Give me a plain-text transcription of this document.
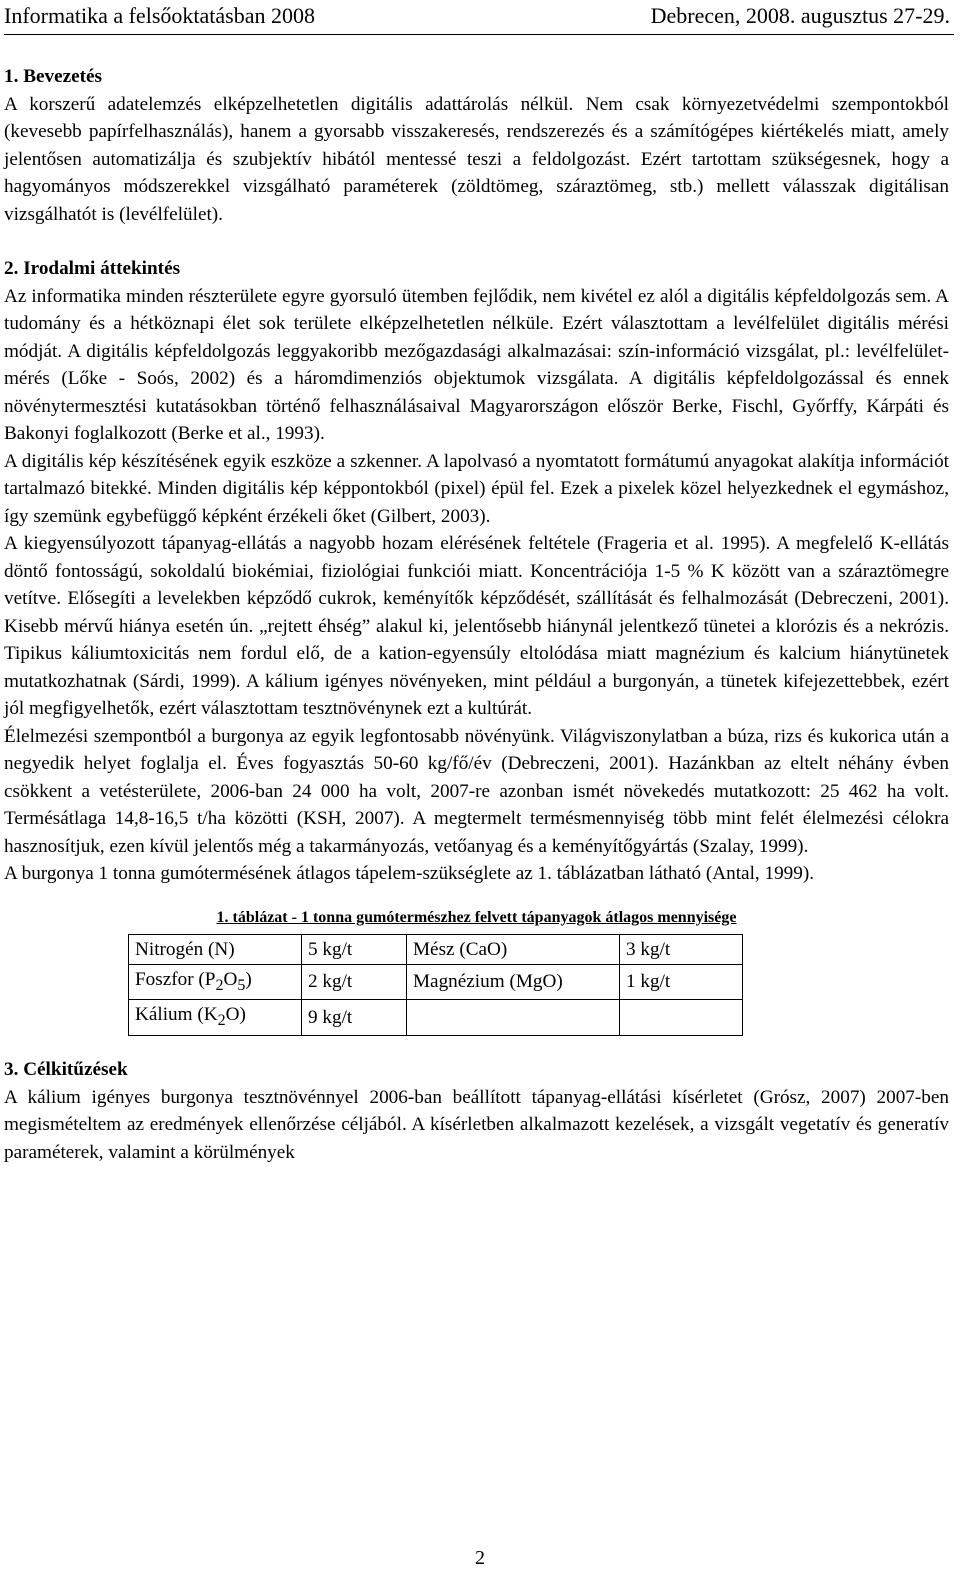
Informatika a felsőoktatásban 2008	Debrecen, 2008. augusztus 27-29.
1. Bevezetés

A korszerű adatelemzés elképzelhetetlen digitális adattárolás nélkül. Nem csak környezetvédelmi szempontokból (kevesebb papírfelhasználás), hanem a gyorsabb visszakeresés, rendszerezés és a számítógépes kiértékelés miatt, amely jelentősen automatizálja és szubjektív hibától mentessé teszi a feldolgozást. Ezért tartottam szükségesnek, hogy a hagyományos módszerekkel vizsgálható paraméterek (zöldtömeg, száraztömeg, stb.) mellett válasszak digitálisan vizsgálhatót is (levélfelület).

2. Irodalmi áttekintés

Az informatika minden részterülete egyre gyorsuló ütemben fejlődik, nem kivétel ez alól a digitális képfeldolgozás sem. A tudomány és a hétköznapi élet sok területe elképzelhetetlen nélküle. Ezért választottam a levélfelület digitális mérési módját. A digitális képfeldolgozás leggyakoribb mezőgazdasági alkalmazásai: szín-információ vizsgálat, pl.: levélfelület-mérés (Lőke - Soós, 2002) és a háromdimenziós objektumok vizsgálata. A digitális képfeldolgozással és ennek növénytermesztési kutatásokban történő felhasználásaival Magyarországon először Berke, Fischl, Győrffy, Kárpáti és Bakonyi foglalkozott (Berke et al., 1993).

A digitális kép készítésének egyik eszköze a szkenner. A lapolvasó a nyomtatott formátumú anyagokat alakítja információt tartalmazó bitekké. Minden digitális kép képpontokból (pixel) épül fel. Ezek a pixelek közel helyezkednek el egymáshoz, így szemünk egybefüggő képként érzékeli őket (Gilbert, 2003).

A kiegyensúlyozott tápanyag-ellátás a nagyobb hozam elérésének feltétele (Frageria et al. 1995). A megfelelő K-ellátás döntő fontosságú, sokoldalú biokémiai, fiziológiai funkciói miatt. Koncentrációja 1-5 % K között van a száraztömegre vetítve. Elősegíti a levelekben képződő cukrok, keményítők képződését, szállítását és felhalmozását (Debreczeni, 2001). Kisebb mérvű hiánya esetén ún. „rejtett éhség” alakul ki, jelentősebb hiánynál jelentkező tünetei a klorózis és a nekrózis. Tipikus káliumtoxicitás nem fordul elő, de a kation-egyensúly eltolódása miatt magnézium és kalcium hiánytünetek mutatkozhatnak (Sárdi, 1999). A kálium igényes növényeken, mint például a burgonyán, a tünetek kifejezettebbek, ezért jól megfigyelhetők, ezért választottam tesztnövénynek ezt a kultúrát.

Élelmezési szempontból a burgonya az egyik legfontosabb növényünk. Világviszonylatban a búza, rizs és kukorica után a negyedik helyet foglalja el. Éves fogyasztás 50-60 kg/fő/év (Debreczeni, 2001). Hazánkban az eltelt néhány évben csökkent a vetésterülete, 2006-ban 24 000 ha volt, 2007-re azonban ismét növekedés mutatkozott: 25 462 ha volt. Termésátlaga 14,8-16,5 t/ha közötti (KSH, 2007). A megtermelt termésmennyiség több mint felét élelmezési célokra hasznosítjuk, ezen kívül jelentős még a takarmányozás, vetőanyag és a keményítőgyártás (Szalay, 1999).

A burgonya 1 tonna gumótermésének átlagos tápelem-szükséglete az 1. táblázatban látható (Antal, 1999).

1. táblázat - 1 tonna gumótermészhez felvett tápanyagok átlagos mennyisége
Nitrogén (N)	5 kg/t	Mész (CaO)	3 kg/t
Foszfor $(P_2O_5)$	2 kg/t	Magnézium (MgO)	1 kg/t
Kálium $(K_2O)$	9 kg/t		
3. Célkitűzések

A kálium igényes burgonya tesztnövénnyel 2006-ban beállított tápanyag-ellátási kísérletet (Grósz, 2007) 2007-ben megismételtem az eredmények ellenőrzése céljából. A kísérletben alkalmazott kezelések, a vizsgált vegetatív és generatív paraméterek, valamint a körülmények

2
